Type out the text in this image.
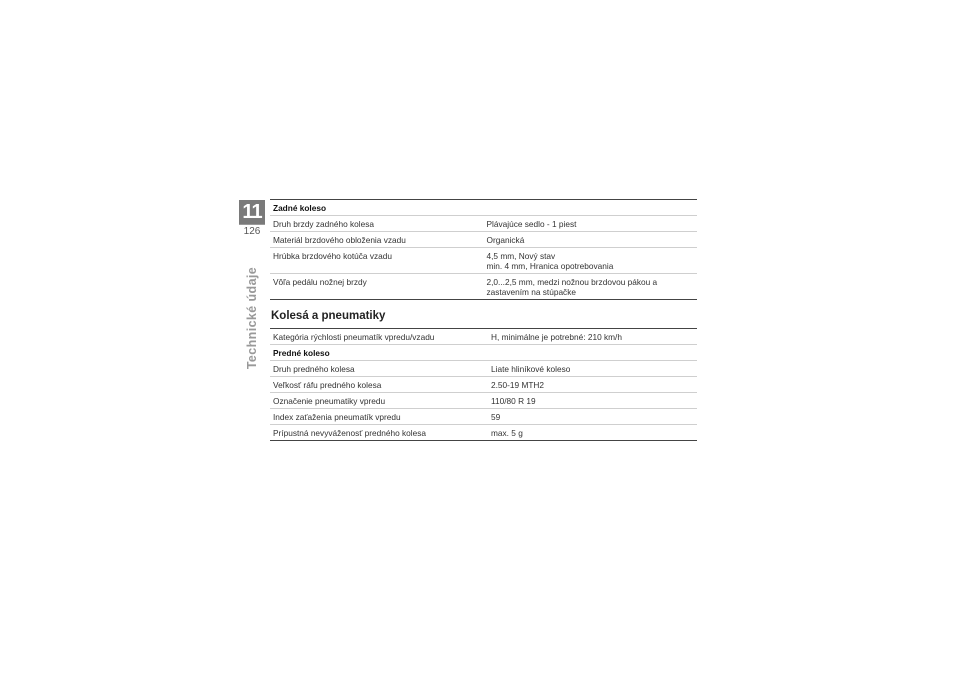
11
126
Technické údaje
Zadné koleso	
Druh brzdy zadného kolesa	Plávajúce sedlo - 1 piest
Materiál brzdového obloženia vzadu	Organická
Hrúbka brzdového kotúča vzadu	4,5 mm, Nový stav
min. 4 mm, Hranica opotrebovania

Vôľa pedálu nožnej brzdy	2,0...2,5 mm, medzi nožnou brzdovou pákou a
zastavením na stúpačke
Kolesá a pneumatiky
Kategória rýchlosti pneumatík vpredu/vzadu	H, minimálne je potrebné: 210 km/h
Predné koleso	
Druh predného kolesa	Liate hliníkové koleso
Veľkosť ráfu predného kolesa	2.50-19 MTH2
Označenie pneumatiky vpredu	110/80 R 19
Index zaťaženia pneumatík vpredu	59
Prípustná nevyváženosť predného kolesa	max. 5 g
